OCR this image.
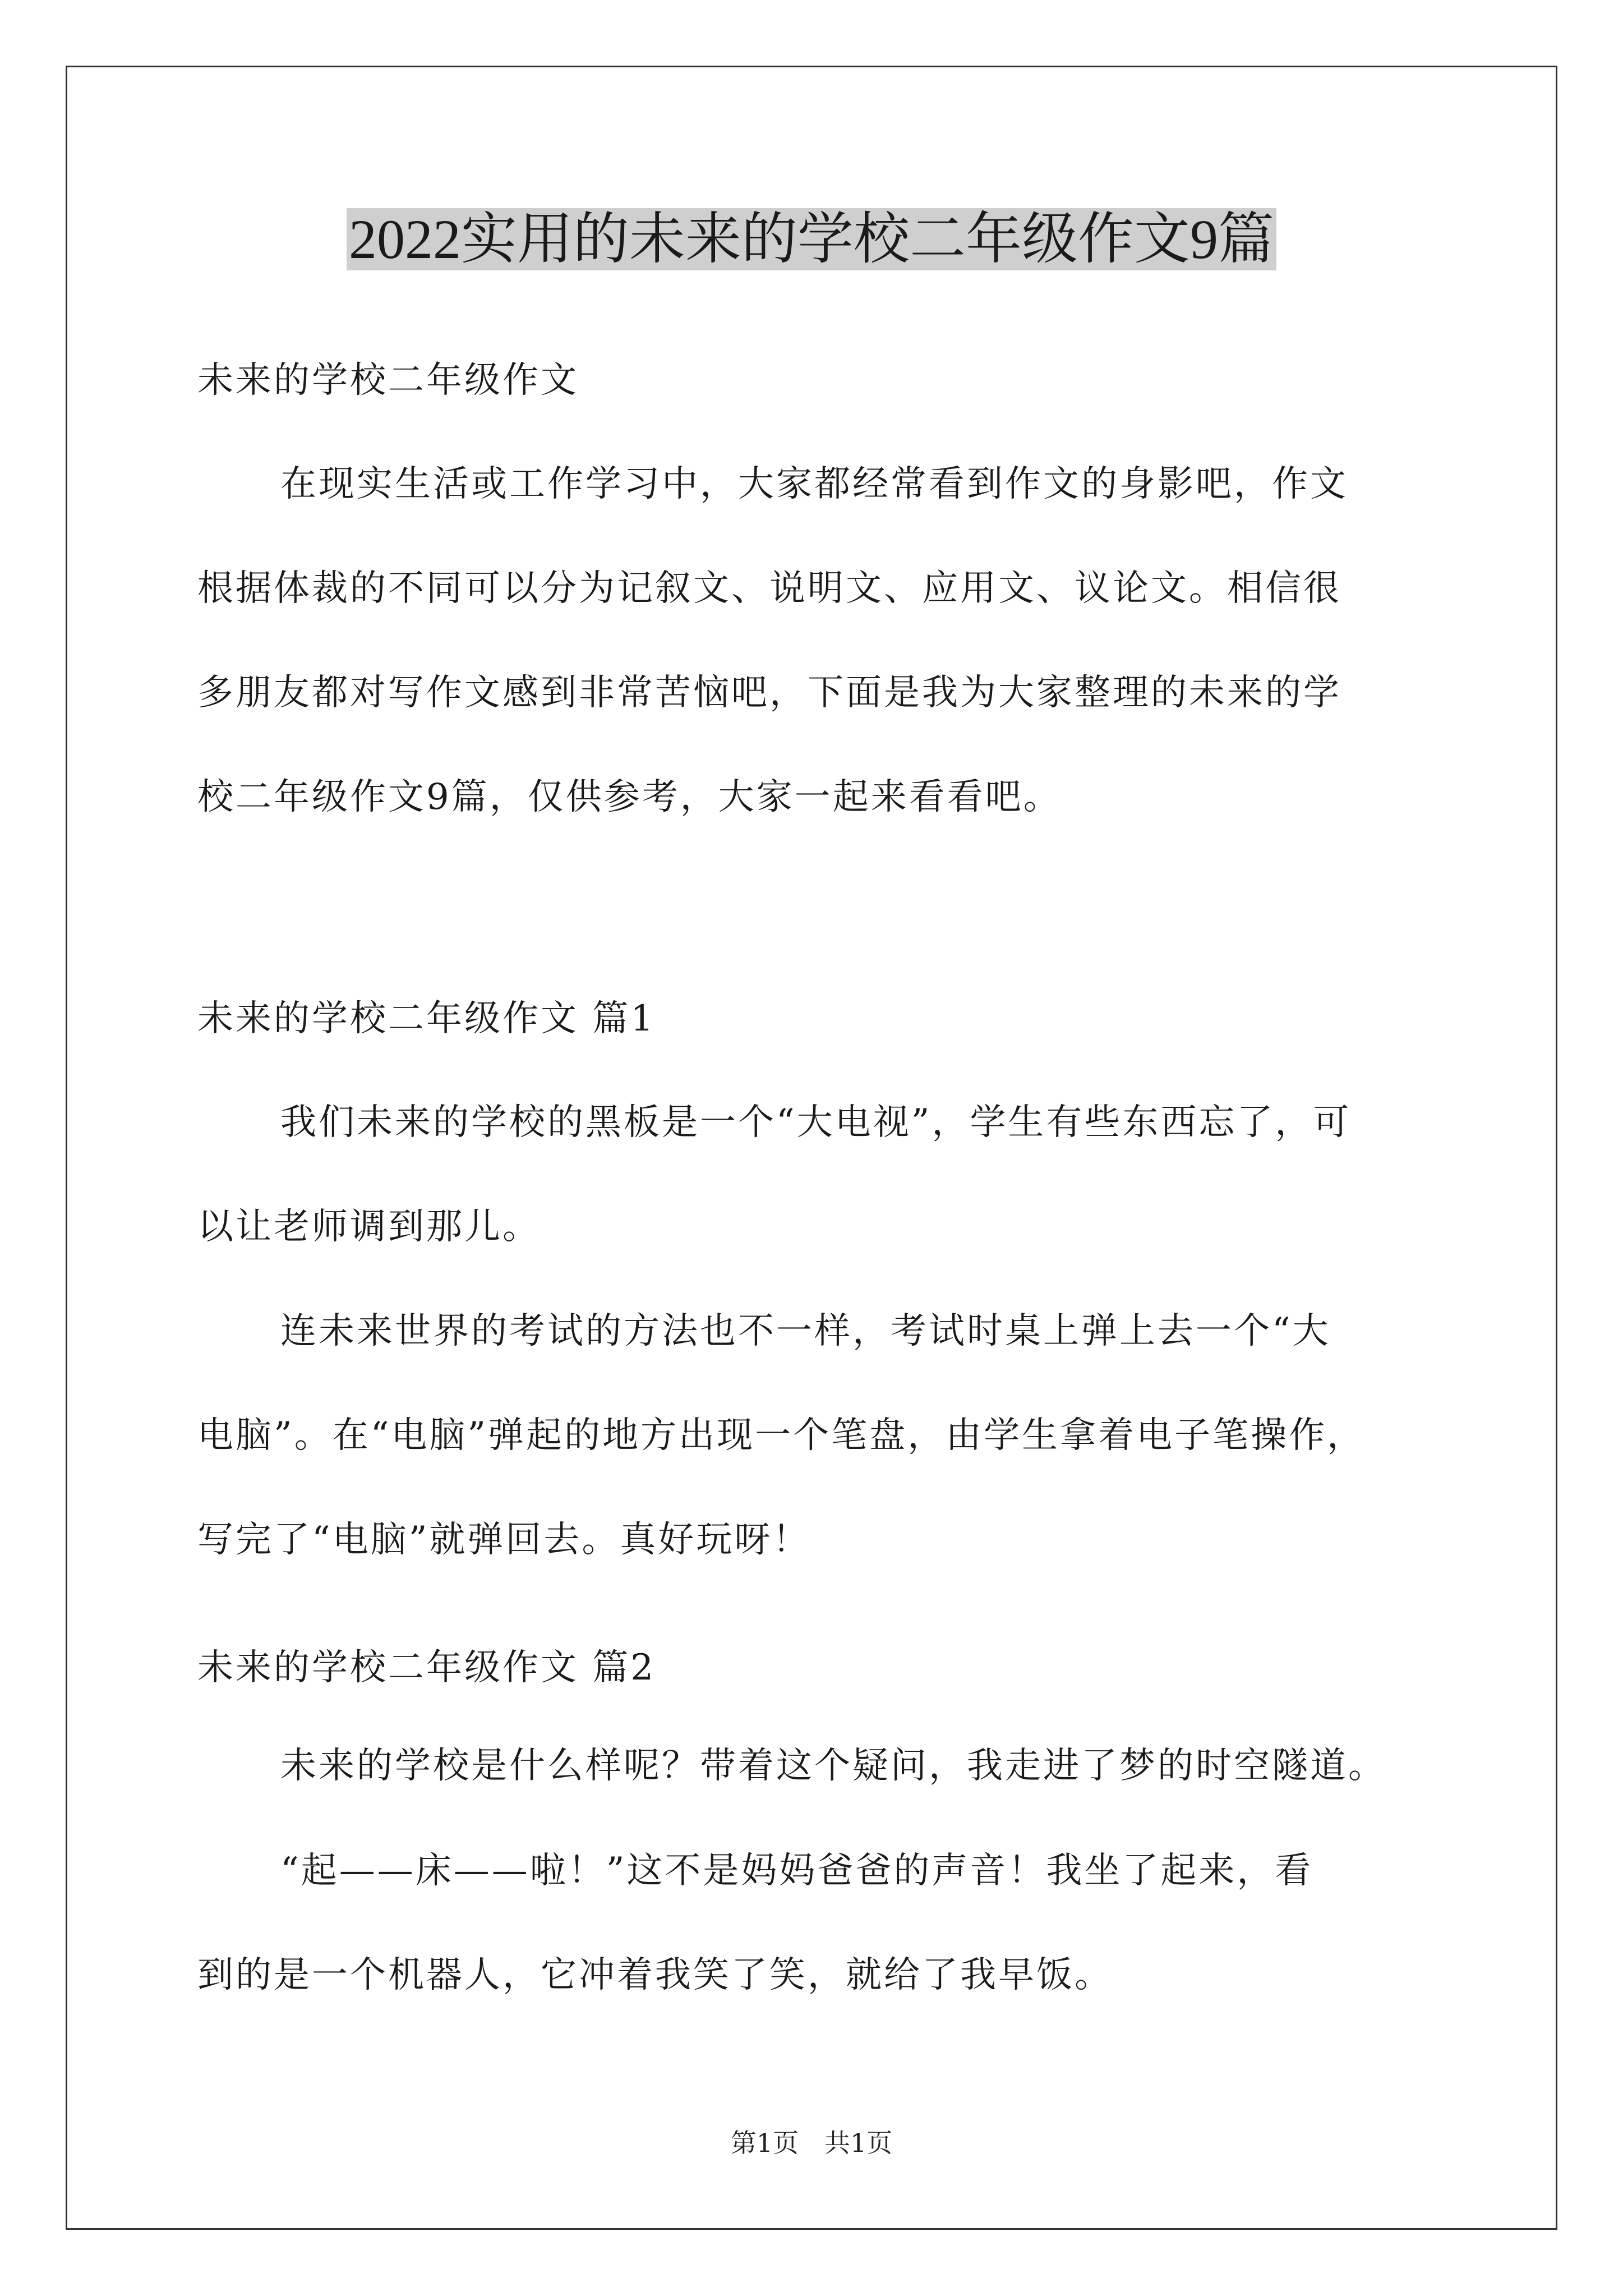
2022实用的未来的学校二年级作文9篇

未来的学校二年级作文

在现实生活或工作学习中，大家都经常看到作文的身影吧，作文
根据体裁的不同可以分为记叙文、说明文、应用文、议论文。相信很
多朋友都对写作文感到非常苦恼吧，下面是我为大家整理的未来的学
校二年级作文9篇，仅供参考，大家一起来看看吧。

未来的学校二年级作文 篇1

我们未来的学校的黑板是一个“大电视”，学生有些东西忘了，可
以让老师调到那儿。
连未来世界的考试的方法也不一样，考试时桌上弹上去一个“大
电脑”。在“电脑”弹起的地方出现一个笔盘，由学生拿着电子笔操作，
写完了“电脑”就弹回去。真好玩呀！

未来的学校二年级作文 篇2

未来的学校是什么样呢？带着这个疑问，我走进了梦的时空隧道。
“起——床——啦！”这不是妈妈爸爸的声音！我坐了起来，看
到的是一个机器人，它冲着我笑了笑，就给了我早饭。
第1页　共1页
